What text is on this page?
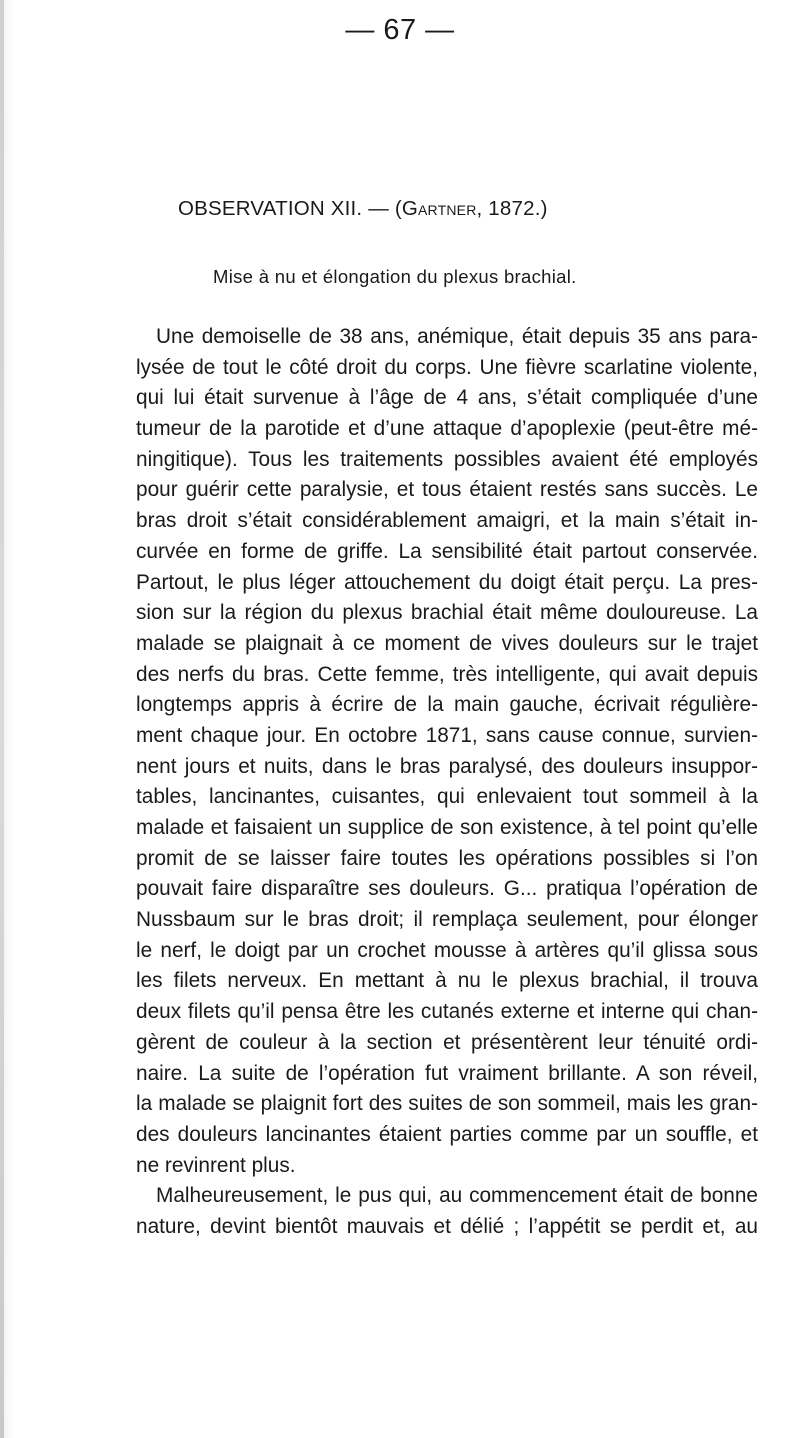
— 67 —
OBSERVATION XII. — (Gartner, 1872.)
Mise à nu et élongation du plexus brachial.
Une demoiselle de 38 ans, anémique, était depuis 35 ans para-
lysée de tout le côté droit du corps. Une fièvre scarlatine violente,
qui lui était survenue à l’âge de 4 ans, s’était compliquée d’une
tumeur de la parotide et d’une attaque d’apoplexie (peut-être mé-
ningitique). Tous les traitements possibles avaient été employés
pour guérir cette paralysie, et tous étaient restés sans succès. Le
bras droit s’était considérablement amaigri, et la main s’était in-
curvée en forme de griffe. La sensibilité était partout conservée.
Partout, le plus léger attouchement du doigt était perçu. La pres-
sion sur la région du plexus brachial était même douloureuse. La
malade se plaignait à ce moment de vives douleurs sur le trajet
des nerfs du bras. Cette femme, très intelligente, qui avait depuis
longtemps appris à écrire de la main gauche, écrivait régulière-
ment chaque jour. En octobre 1871, sans cause connue, survien-
nent jours et nuits, dans le bras paralysé, des douleurs insuppor-
tables, lancinantes, cuisantes, qui enlevaient tout sommeil à la
malade et faisaient un supplice de son existence, à tel point qu’elle
promit de se laisser faire toutes les opérations possibles si l’on
pouvait faire disparaître ses douleurs. G... pratiqua l’opération de
Nussbaum sur le bras droit; il remplaça seulement, pour élonger
le nerf, le doigt par un crochet mousse à artères qu’il glissa sous
les filets nerveux. En mettant à nu le plexus brachial, il trouva
deux filets qu’il pensa être les cutanés externe et interne qui chan-
gèrent de couleur à la section et présentèrent leur ténuité ordi-
naire. La suite de l’opération fut vraiment brillante. A son réveil,
la malade se plaignit fort des suites de son sommeil, mais les gran-
des douleurs lancinantes étaient parties comme par un souffle, et
ne revinrent plus.
Malheureusement, le pus qui, au commencement était de bonne
nature, devint bientôt mauvais et délié ; l’appétit se perdit et, au
